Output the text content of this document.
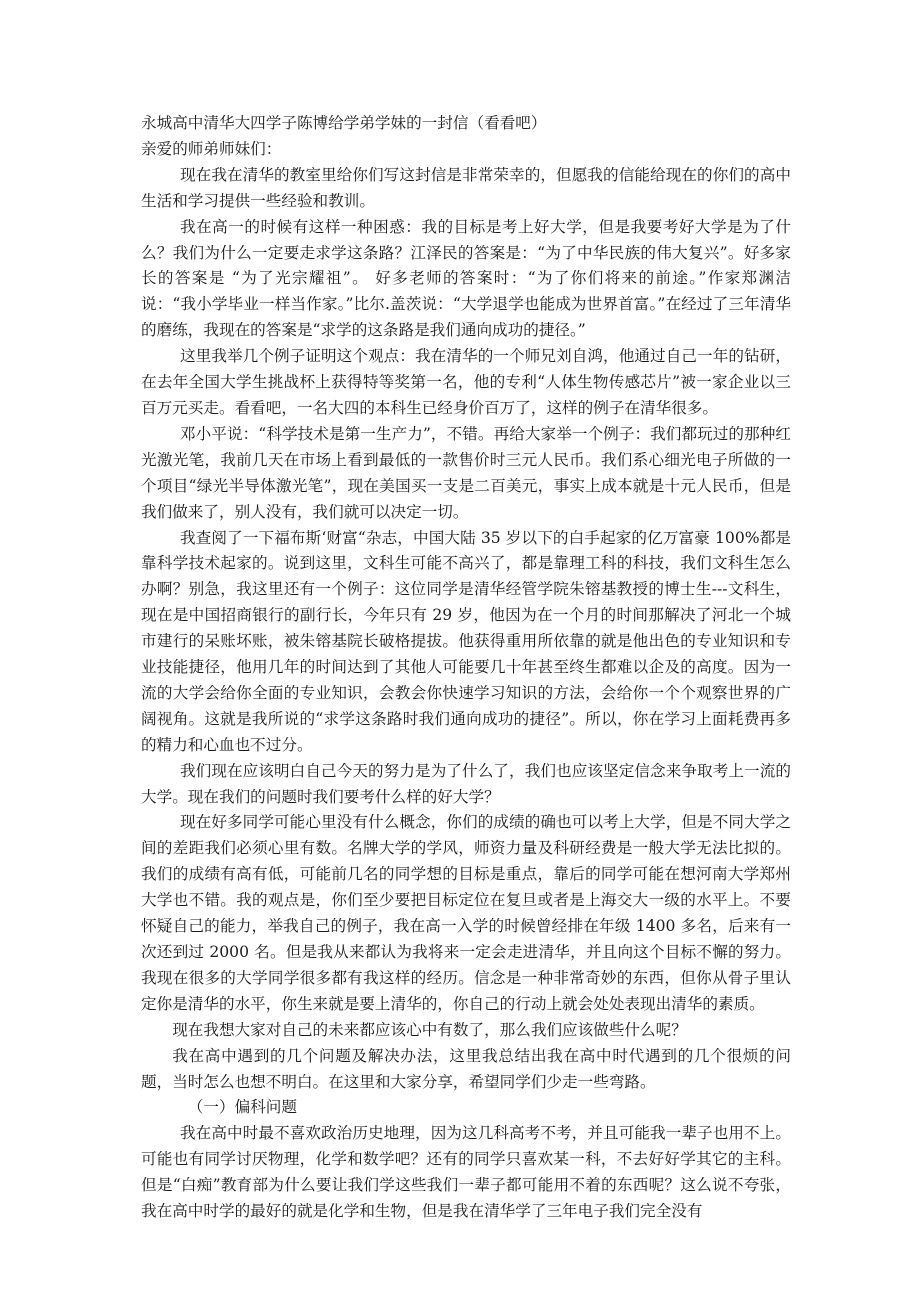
永城高中清华大四学子陈博给学弟学妹的一封信（看看吧）

亲爱的师弟师妹们：

现在我在清华的教室里给你们写这封信是非常荣幸的，但愿我的信能给现在的你们的高中生活和学习提供一些经验和教训。

我在高一的时候有这样一种困惑：我的目标是考上好大学，但是我要考好大学是为了什么？我们为什么一定要走求学这条路？江泽民的答案是：“为了中华民族的伟大复兴”。好多家长的答案是 “为了光宗耀祖”。 好多老师的答案时：“为了你们将来的前途。”作家郑渊洁说：“我小学毕业一样当作家。”比尔.盖茨说：“大学退学也能成为世界首富。”在经过了三年清华的磨练，我现在的答案是“求学的这条路是我们通向成功的捷径。”

这里我举几个例子证明这个观点：我在清华的一个师兄刘自鸿，他通过自己一年的钻研，在去年全国大学生挑战杯上获得特等奖第一名，他的专利“人体生物传感芯片”被一家企业以三百万元买走。看看吧，一名大四的本科生已经身价百万了，这样的例子在清华很多。

邓小平说：“科学技术是第一生产力”，不错。再给大家举一个例子：我们都玩过的那种红光激光笔，我前几天在市场上看到最低的一款售价时三元人民币。我们系心细光电子所做的一个项目“绿光半导体激光笔”，现在美国买一支是二百美元，事实上成本就是十元人民币，但是我们做来了，别人没有，我们就可以决定一切。

我查阅了一下福布斯‘财富“杂志，中国大陆 35 岁以下的白手起家的亿万富豪 100%都是靠科学技术起家的。说到这里，文科生可能不高兴了，都是靠理工科的科技，我们文科生怎么办啊？别急，我这里还有一个例子：这位同学是清华经管学院朱镕基教授的博士生---文科生，现在是中国招商银行的副行长，今年只有 29 岁，他因为在一个月的时间那解决了河北一个城市建行的呆账坏账，被朱镕基院长破格提拔。他获得重用所依靠的就是他出色的专业知识和专业技能捷径，他用几年的时间达到了其他人可能要几十年甚至终生都难以企及的高度。因为一流的大学会给你全面的专业知识，会教会你快速学习知识的方法，会给你一个个观察世界的广阔视角。这就是我所说的“求学这条路时我们通向成功的捷径”。所以，你在学习上面耗费再多的精力和心血也不过分。

我们现在应该明白自己今天的努力是为了什么了，我们也应该坚定信念来争取考上一流的大学。现在我们的问题时我们要考什么样的好大学？

现在好多同学可能心里没有什么概念，你们的成绩的确也可以考上大学，但是不同大学之间的差距我们必须心里有数。名牌大学的学风，师资力量及科研经费是一般大学无法比拟的。我们的成绩有高有低，可能前几名的同学想的目标是重点，靠后的同学可能在想河南大学郑州大学也不错。我的观点是，你们至少要把目标定位在复旦或者是上海交大一级的水平上。不要怀疑自己的能力，举我自己的例子，我在高一入学的时候曾经排在年级 1400 多名，后来有一次还到过 2000 名。但是我从来都认为我将来一定会走进清华，并且向这个目标不懈的努力。我现在很多的大学同学很多都有我这样的经历。信念是一种非常奇妙的东西，但你从骨子里认定你是清华的水平，你生来就是要上清华的，你自己的行动上就会处处表现出清华的素质。

现在我想大家对自己的未来都应该心中有数了，那么我们应该做些什么呢？

我在高中遇到的几个问题及解决办法，这里我总结出我在高中时代遇到的几个很烦的问题，当时怎么也想不明白。在这里和大家分享，希望同学们少走一些弯路。

（一）偏科问题

我在高中时最不喜欢政治历史地理，因为这几科高考不考，并且可能我一辈子也用不上。可能也有同学讨厌物理，化学和数学吧？还有的同学只喜欢某一科，不去好好学其它的主科。但是“白痴”教育部为什么要让我们学这些我们一辈子都可能用不着的东西呢？这么说不夸张，我在高中时学的最好的就是化学和生物，但是我在清华学了三年电子我们完全没有
